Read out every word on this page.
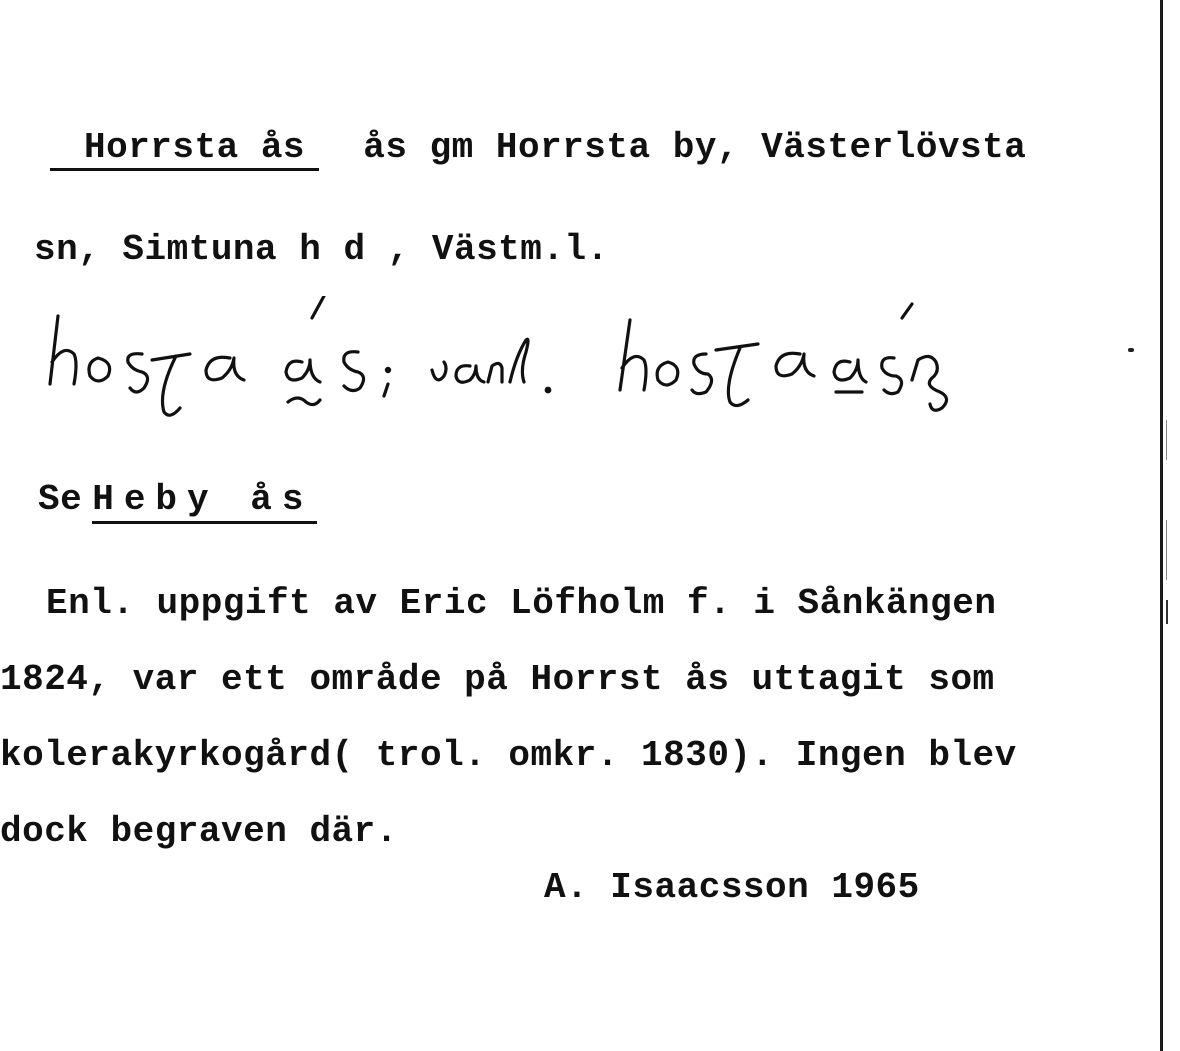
Horrsta ås ås gm Horrsta by, Västerlövsta
sn, Simtuna h d , Västm.l.
Se Heby ås
Enl. uppgift av Eric Löfholm f. i Sånkängen
1824, var ett område på Horrst ås uttagit som
kolerakyrkogård( trol. omkr. 1830). Ingen blev
dock begraven där.
A. Isaacsson 1965
